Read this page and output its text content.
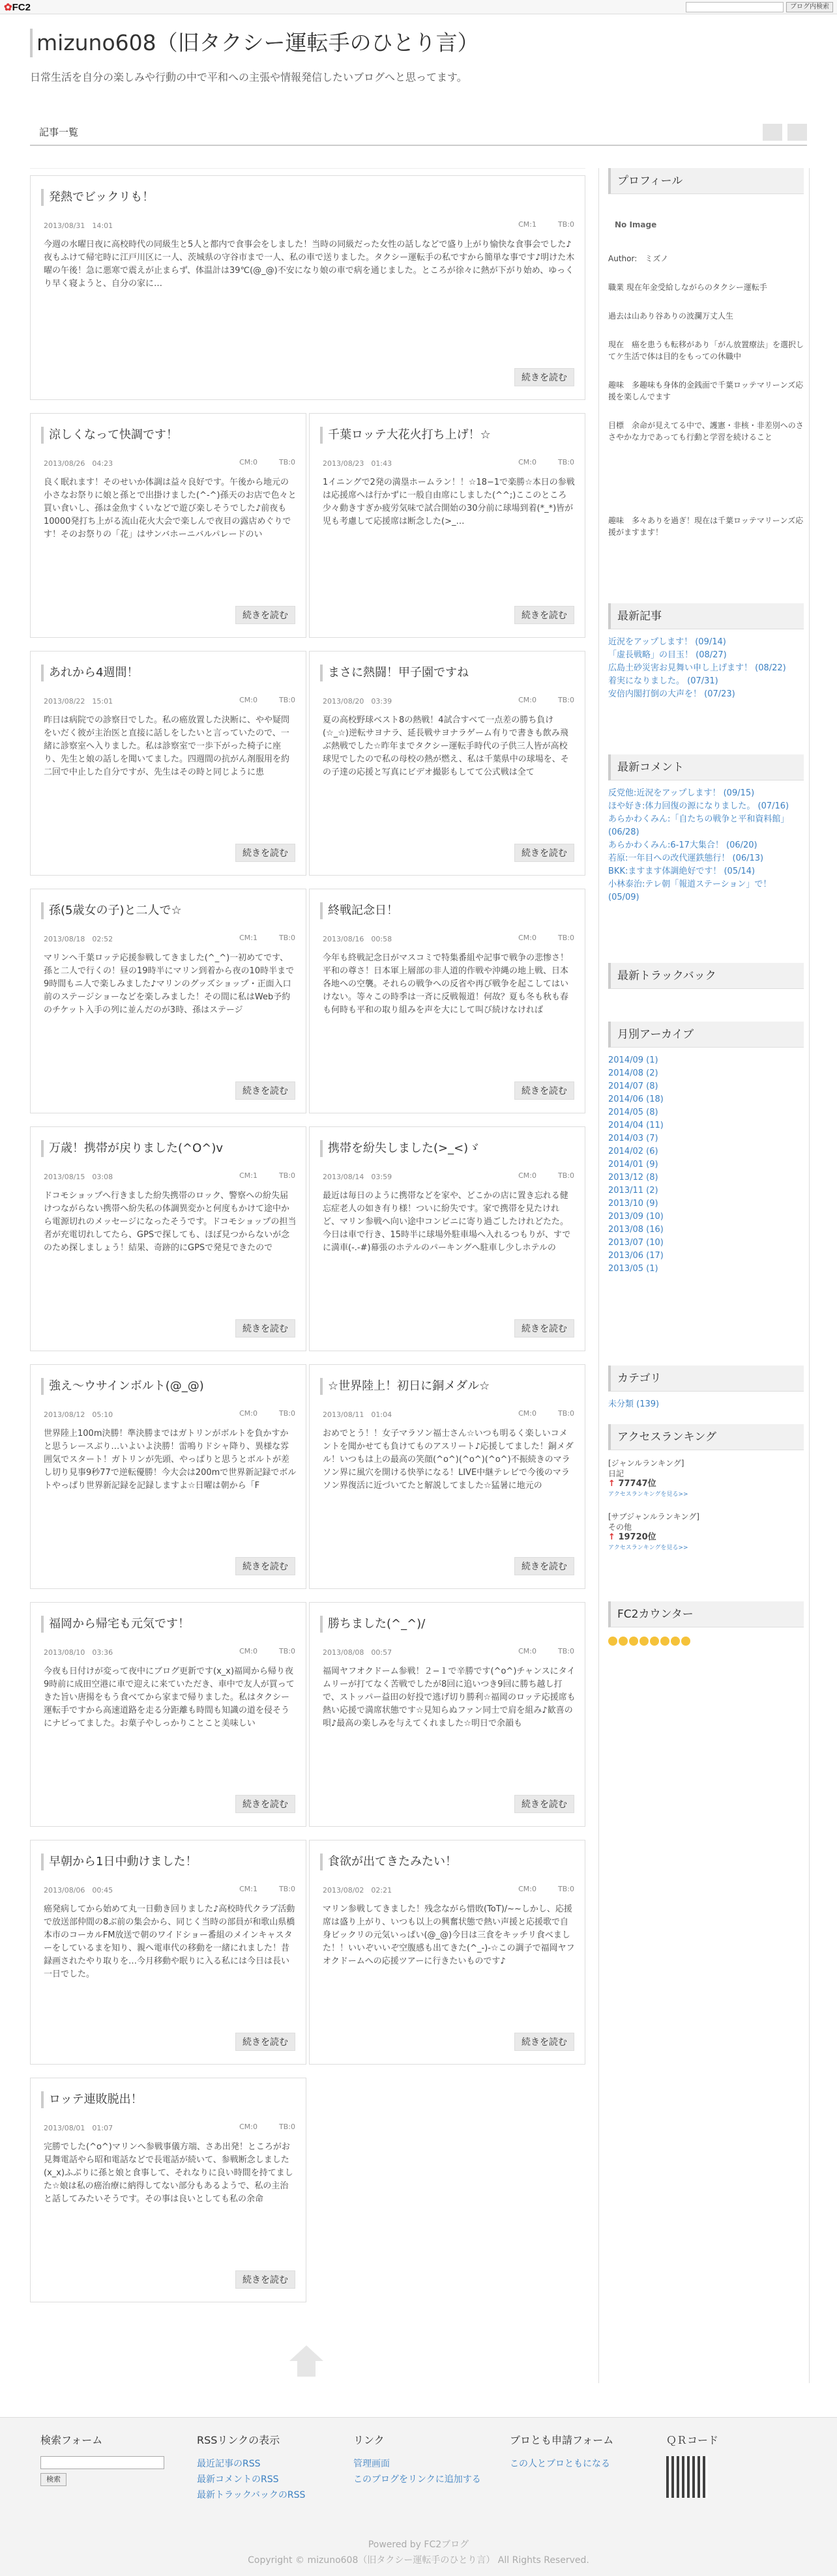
✿FC2	ブログ内検索
mizuno608（旧タクシー運転手のひとり言）

日常生活を自分の楽しみや行動の中で平和への主張や情報発信したいブログへと思ってます。

記事一覧
発熱でビックリも！
2013/08/31　14:01	CM:1	TB:0
今週の水曜日夜に高校時代の同級生と5人と都内で食事会をしました！当時の同級だった女性の話しなどで盛り上がり愉快な食事会でした♪夜もふけて帰宅時に江戸川区に一人、茨城県の守谷市まで一人、私の車で送りました。タクシー運転手の私ですから簡単な事です♪明けた木曜の午後！急に悪寒で震えが止まらず、体温計は39℃(@_@)不安になり娘の車で病を通じました。ところが徐々に熱が下がり始め、ゆっくり早く寝ようと、自分の家に…
続きを読む
涼しくなって快調です！
2013/08/26　04:23	CM:0	TB:0
良く眠れます！そのせいか体調は益々良好です。午後から地元の小さなお祭りに娘と孫とで出掛けました(^-^)孫天のお店で色々と買い食いし、孫は金魚すくいなどで遊び楽しそうでした♪前夜も10000発打ち上がる流山花火大会で楽しんで夜目の露店めぐりです！そのお祭りの「花」はサンバホーニバルパレードのい
続きを読む
千葉ロッテ大花火打ち上げ！☆
2013/08/23　01:43	CM:0	TB:0
1イニングで2発の満塁ホームラン！！☆18−1で楽勝☆本日の参戦は応援席へは行かずに一般自由席にしました(^^;)ここのところ少々動きすぎか疲労気味で試合開始の30分前に球場到着(*_*)皆が児も考慮して応援席は断念した(>_…
続きを読む
あれから4週間！
2013/08/22　15:01	CM:0	TB:0
昨日は病院での診察日でした。私の癌放置した決断に、やや疑問をいだく彼が主治医と直接に話しをしたいと言っていたので、一緒に診察室へ入りました。私は診察室で一歩下がった椅子に座り、先生と娘の話しを聞いてました。四週間の抗がん剤服用を約二回で中止した自分ですが、先生はその時と同じように患
続きを読む
まさに熱闘！甲子園ですね
2013/08/20　03:39	CM:0	TB:0
夏の高校野球ベスト8の熱戦！4試合すべて一点差の勝ち負け(☆_☆)逆転サヨナラ、延長戦サヨナラゲーム有りで書きも飲み飛ぶ熱戦でした☆昨年までタクシー運転手時代の子供三人皆が高校球児でしたので私の母校の熱が燃え、私は千葉県中の球場を、その子達の応援と写真にビデオ撮影もしてて公式戦は全て
続きを読む
孫(5歳女の子)と二人で☆
2013/08/18　02:52	CM:1	TB:0
マリンへ千葉ロッテ応援参戦してきました(^_^)一初めてです、孫と二人で行くの！昼の19時半にマリン到着から夜の10時半まで9時間もニ人で楽しみました♪マリンのグッズショップ・正面入口前のステージショーなどを楽しみました！その間に私はWeb予約のチケット入手の列に並んだのが3時、孫はステージ
続きを読む
終戦記念日！
2013/08/16　00:58	CM:0	TB:0
今年も終戦記念日がマスコミで特集番組や記事で戦争の悲惨さ！平和の尊さ！日本軍上層部の非人道的作戦や沖縄の地上戦、日本各地への空襲。それらの戦争への反省や再び戦争を起こしてはいけない。等々この時季は一斉に反戦報道！何故？夏も冬も秋も春も何時も平和の取り組みを声を大にして叫び続けなければ
続きを読む
万歳！携帯が戻りました(^O^)v
2013/08/15　03:08	CM:1	TB:0
ドコモショップへ行きました紛失携帯のロック、警察への紛失届けつながらない携帯へ紛失私の体調異変かと何度もかけて途中から電源切れのメッセージになったそうです。ドコモショップの担当者が充電切れしてたら、GPSで探しても、ほぼ見つからないが念のため探しましょう！結果、奇跡的にGPSで発見できたので
続きを読む
携帯を紛失しました(>_<)ゞ
2013/08/14　03:59	CM:0	TB:0
最近は毎日のように携帯などを家や、どこかの店に置き忘れる健忘症老人の如き有り様！ついに紛失です。家で携帯を見たけれど、マリン参戦へ向い途中コンビニに寄り過ごしたけれどたた。今日は車で行き、15時半に球場外駐車場へ入れるつもりが、すでに満車(-.-#)幕張のホテルのパーキングへ駐車し少しホテルの
続きを読む
強え〜ウサインボルト(@_@)
2013/08/12　05:10	CM:0	TB:0
世界陸上100m決勝！準決勝まではガトリンがボルトを負かすかと思うレースぶり…いよいよ決勝！雷鳴りドシャ降り、異様な雰囲気でスタート！ガトリンが先頭、やっぱりと思うとボルトが差し切り見事9秒77で逆転優勝！今大会は200mで世界新記録でボルトやっぱり世界新記録を記録しますよ☆日曜は朝から「F
続きを読む
☆世界陸上！初日に銅メダル☆
2013/08/11　01:04	CM:0	TB:0
おめでとう！！女子マラソン福士さん☆いつも明るく楽しいコメントを聞かせても負けてものアスリート♪応援してました！銅メダル！いつもは上の最高の笑顔(^o^)(^o^)(^o^)不振続きのマラソン界に風穴を開ける快挙になる！LIVE中継テレビで今後のマラソン界復活に近づいてたと解説してました☆猛暑に地元の
続きを読む
福岡から帰宅も元気です！
2013/08/10　03:36	CM:0	TB:0
今夜も日付けが変って夜中にブログ更新です(x_x)福岡から帰り夜9時前に成田空港に車で迎えに来ていただき、車中で友人が買ってきた旨い唐揚をもう食べてから家まで帰りました。私はタクシー運転手ですから高速道路を走る分距離も時間も知識の道を侵そうにナビってました。お菓子やしっかりことこと美味しい
続きを読む
勝ちました(^_^)/
2013/08/08　00:57	CM:0	TB:0
福岡ヤフオクドーム参戦！２−１で辛勝です(^o^)チャンスにタイムリーが打てなく苦戦でしたが8回に追いつき9回に勝ち越し打で、ストッパー益田の好投で逃げ切り勝利☆福岡のロッテ応援席も熱い応援で満席状態です☆見知らぬファン同士で肩を組み♪歓喜の唄♪最高の楽しみを与えてくれました☆明日で余韻も
続きを読む
早朝から1日中動けました！
2013/08/06　00:45	CM:1	TB:0
癌発病してから始めて丸一日動き回りました♪高校時代クラブ活動で放送部仲間の8ぶ前の集会から、同じく当時の部員が和歌山県橋本市のコーカルFM放送で朝のワイドショー番組のメインキャスターをしているまを知り、親へ電車代の移動を一緒にれました！昔録画されたやり取りを…今月移動や眠りに入る私には今日は長い一日でした。
続きを読む
食欲が出てきたみたい！
2013/08/02　02:21	CM:0	TB:0
マリン参戦してきました！残念ながら惜敗(ToT)/~~しかし、応援席は盛り上がり、いつも以上の興奮状態で熱い声援と応援歌で自身ビックリの元気いっぱい(@_@)今日は三食をキッチリ食べました！！いいぞいいぞ空腹感も出てきた(^_-)-☆この調子で福岡ヤフオクドームへの応援ツアーに行きたいものです♪
続きを読む
ロッテ連敗脱出！
2013/08/01　01:07	CM:0	TB:0
完勝でした(^o^)マリンへ参戦事儀方端、さあ出発！ところがお見舞電話やら昭和電話などで長電話が続いて、参戦断念しました(x_x)ふぶりに孫と娘と食事して、それなりに良い時間を持てました☆娘は私の癌治療に納得してない部分もあるようで、私の主治と話してみたいそうです。その事は良いとしても私の余命
続きを読む
プロフィール
No Image
Author:　ミズノ
職業 現在年金受給しながらのタクシー運転手
過去は山あり谷ありの波瀾万丈人生
現在　癌を患うも転移があり「がん放置療法」を選択してケ生活で体は目的をもっての休職中
趣味　多趣味も身体的金銭面で千葉ロッテマリーンズ応援を楽しんでます
目標　余命が見えてる中で、護憲・非核・非差別へのささやかな力であっても行動と学習を続けること
趣味　多々ありを過ぎ！現在は千葉ロッテマリーンズ応援がますます！
最新記事
近況をアップします！ (09/14)
「虚長戦略」の目玉！ (08/27)
広島土砂災害お見舞い申し上げます！ (08/22)
着実になりました。 (07/31)
安倍内閣打倒の大声を！ (07/23)
最新コメント
反党他:近況をアップします！ (09/15)
ほや好き:体力回復の源になりました。 (07/16)
あらかわくみん:「自たちの戦争と平和資料館」 (06/28)
あらかわくみん:6-17大集合！ (06/20)
若原:一年目への改代運鉄態行！ (06/13)
BKK:ますます体調絶好です！ (05/14)
小林泰治:テレ朝「報道ステーション」で！ (05/09)
最新トラックバック
月別アーカイブ
2014/09 (1)
2014/08 (2)
2014/07 (8)
2014/06 (18)
2014/05 (8)
2014/04 (11)
2014/03 (7)
2014/02 (6)
2014/01 (9)
2013/12 (8)
2013/11 (2)
2013/10 (9)
2013/09 (10)
2013/08 (16)
2013/07 (10)
2013/06 (17)
2013/05 (1)
カテゴリ
未分類 (139)
アクセスランキング
[ジャンルランキング]
日記
↑ 77747位
アクセスランキングを見る>>
[サブジャンルランキング]
その他
↑ 19720位
アクセスランキングを見る>>
FC2カウンター
検索フォーム
検索
RSSリンクの表示
最近記事のRSS
最新コメントのRSS
最新トラックバックのRSS
リンク
管理画面
このブログをリンクに追加する
ブロとも申請フォーム
この人とブロともになる
ＱＲコード
Powered by FC2ブログ
Copyright © mizuno608（旧タクシー運転手のひとり言） All Rights Reserved.
